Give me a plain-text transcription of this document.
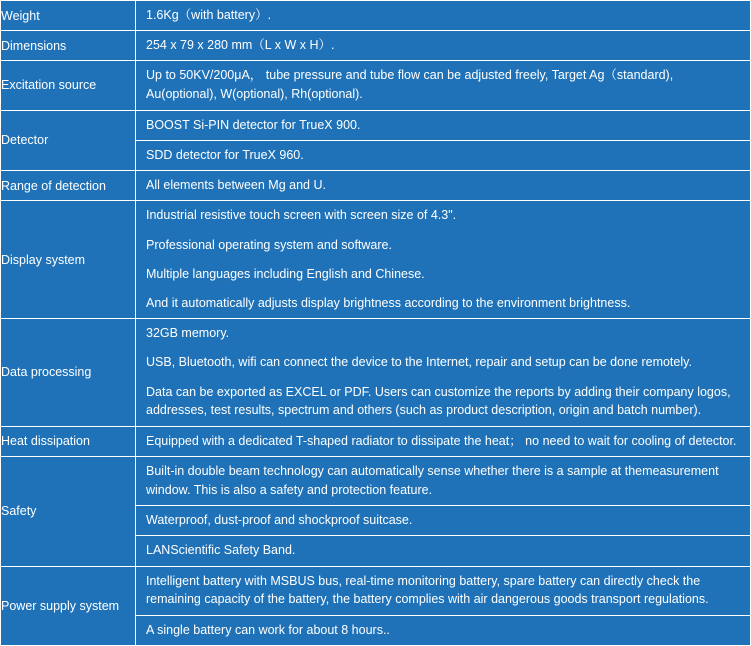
Weight	1.6Kg（with battery）.

Dimensions	254 x 79 x 280 mm（L x W x H）.

Excitation source	Up to 50KV/200μA， tube pressure and tube flow can be adjusted freely, Target Ag（standard), Au(optional), W(optional), Rh(optional).

Detector	BOOST Si-PIN detector for TrueX 900.
SDD detector for TrueX 960.

Range of detection	All elements between Mg and U.

Display system	Industrial resistive touch screen with screen size of 4.3".
Professional operating system and software.
Multiple languages including English and Chinese.
And it automatically adjusts display brightness according to the environment brightness.

Data processing	32GB memory.
USB, Bluetooth, wifi can connect the device to the Internet, repair and setup can be done remotely.
Data can be exported as EXCEL or PDF. Users can customize the reports by adding their company logos, addresses, test results, spectrum and others (such as product description, origin and batch number).

Heat dissipation	Equipped with a dedicated T-shaped radiator to dissipate the heat； no need to wait for cooling of detector.

Safety	Built-in double beam technology can automatically sense whether there is a sample at themeasurement window. This is also a safety and protection feature.
Waterproof, dust-proof and shockproof suitcase.
LANScientific Safety Band.

Power supply system	Intelligent battery with MSBUS bus, real-time monitoring battery, spare battery can directly check the remaining capacity of the battery, the battery complies with air dangerous goods transport regulations.
A single battery can work for about 8 hours..
